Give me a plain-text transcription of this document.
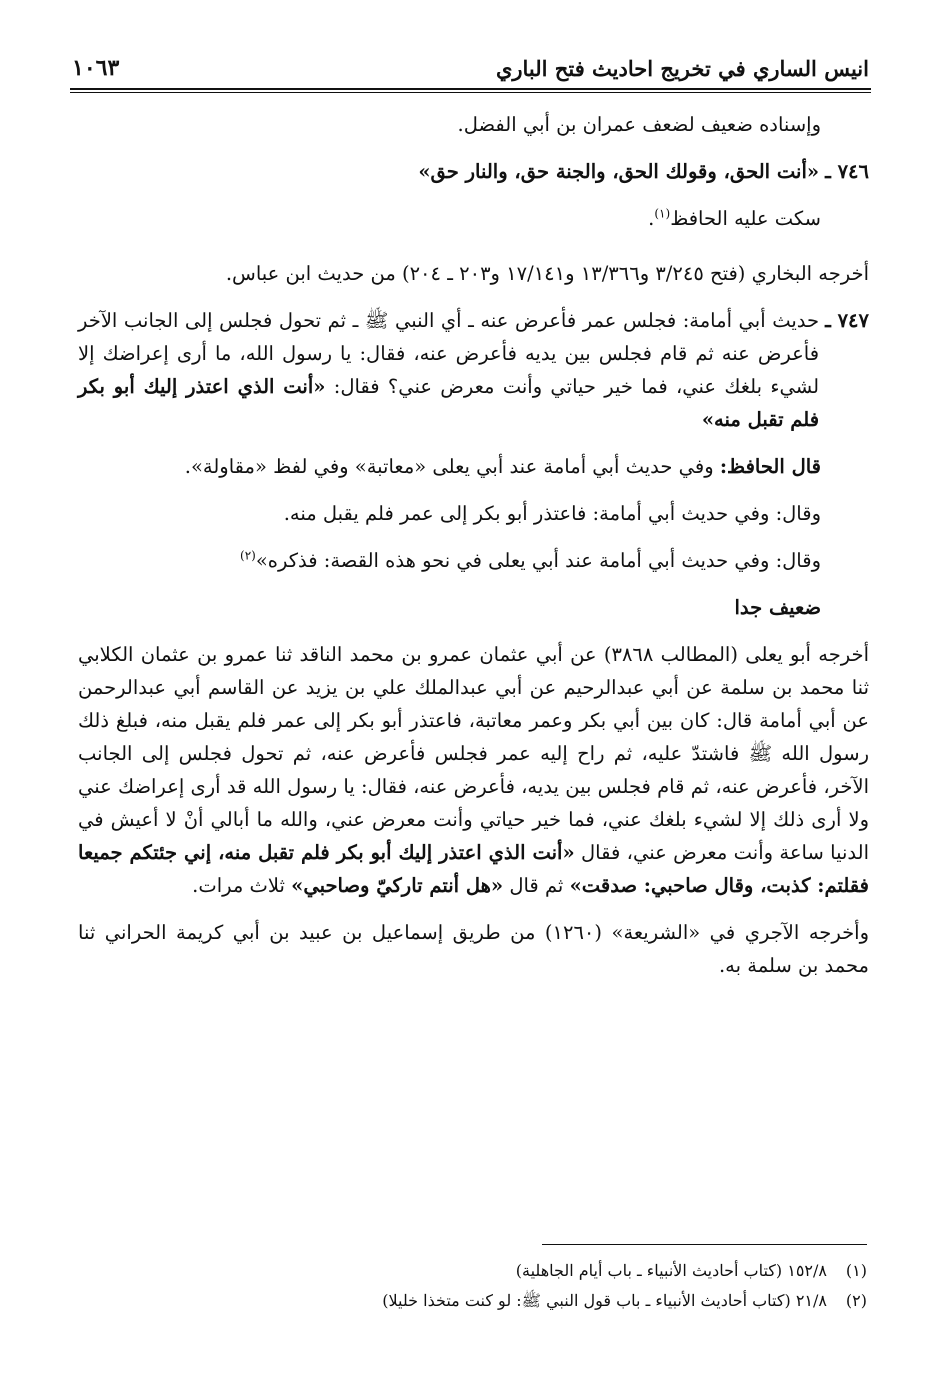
انيس الساري في تخريج احاديث فتح الباري
١٠٦٣

وإسناده ضعيف لضعف عمران بن أبي الفضل.

٧٤٦ ـ
«أنت الحق، وقولك الحق، والجنة حق، والنار حق»

سكت عليه الحافظ$^{(١)}$.

أخرجه البخاري (فتح ٣/٢٤٥ و١٣/٣٦٦ و١٧/١٤١ و٢٠٣ ـ ٢٠٤) من حديث ابن عباس.

٧٤٧ ـ
حديث أبي أمامة: فجلس عمر فأعرض عنه ـ أي النبي ﷺ ـ ثم تحول فجلس إلى الجانب الآخر فأعرض عنه ثم قام فجلس بين يديه فأعرض عنه، فقال: يا رسول الله، ما أرى إعراضك إلا لشيء بلغك عني، فما خير حياتي وأنت معرض عني؟ فقال: «أنت الذي اعتذر إليك أبو بكر فلم تقبل منه»

قال الحافظ: وفي حديث أبي أمامة عند أبي يعلى «معاتبة» وفي لفظ «مقاولة».

وقال: وفي حديث أبي أمامة: فاعتذر أبو بكر إلى عمر فلم يقبل منه.

وقال: وفي حديث أبي أمامة عند أبي يعلى في نحو هذه القصة: فذكره»$^{(٢)}$

ضعيف جدا

أخرجه أبو يعلى (المطالب ٣٨٦٨) عن أبي عثمان عمرو بن محمد الناقد ثنا عمرو بن عثمان الكلابي ثنا محمد بن سلمة عن أبي عبدالرحيم عن أبي عبدالملك علي بن يزيد عن القاسم أبي عبدالرحمن عن أبي أمامة قال: كان بين أبي بكر وعمر معاتبة، فاعتذر أبو بكر إلى عمر فلم يقبل منه، فبلغ ذلك رسول الله ﷺ فاشتدّ عليه، ثم راح إليه عمر فجلس فأعرض عنه، ثم تحول فجلس إلى الجانب الآخر، فأعرض عنه، ثم قام فجلس بين يديه، فأعرض عنه، فقال: يا رسول الله قد أرى إعراضك عني ولا أرى ذلك إلا لشيء بلغك عني، فما خير حياتي وأنت معرض عني، والله ما أبالي أنْ لا أعيش في الدنيا ساعة وأنت معرض عني، فقال «أنت الذي اعتذر إليك أبو بكر فلم تقبل منه، إني جئتكم جميعا فقلتم: كذبت، وقال صاحبي: صدقت» ثم قال «هل أنتم تاركيّ وصاحبي» ثلاث مرات.

وأخرجه الآجري في «الشريعة» (١٢٦٠) من طريق إسماعيل بن عبيد بن أبي كريمة الحراني ثنا محمد بن سلمة به.

(١)١٥٢/٨ (كتاب أحاديث الأنبياء ـ باب أيام الجاهلية)

(٢)٢١/٨ (كتاب أحاديث الأنبياء ـ باب قول النبي ﷺ: لو كنت متخذا خليلا)
